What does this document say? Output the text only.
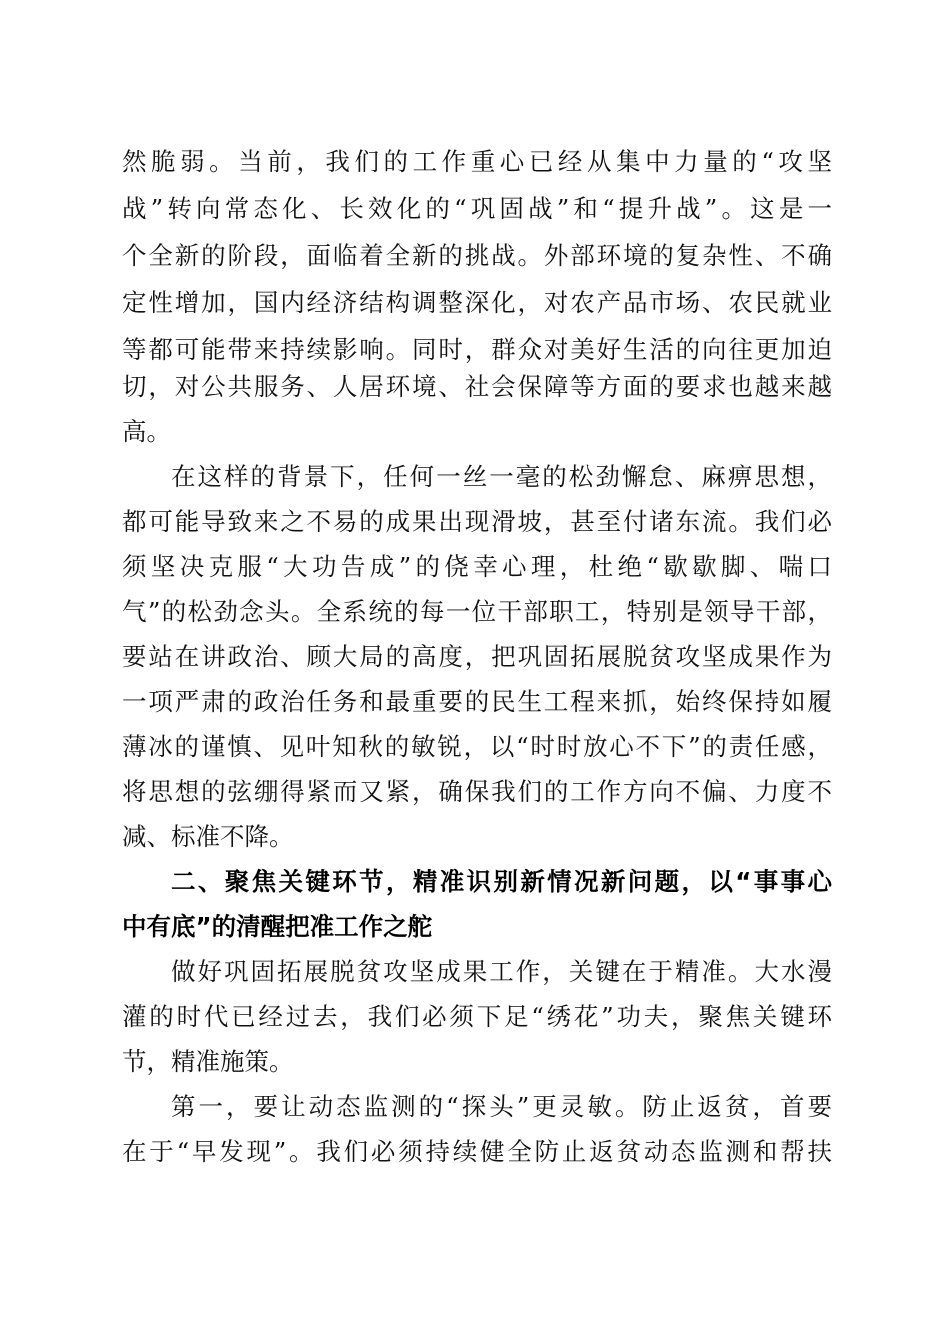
然脆弱。当前，我们的工作重心已经从集中力量的“攻坚
战”转向常态化、长效化的“巩固战”和“提升战”。这是一
个全新的阶段，面临着全新的挑战。外部环境的复杂性、不确
定性增加，国内经济结构调整深化，对农产品市场、农民就业
等都可能带来持续影响。同时，群众对美好生活的向往更加迫
切，对公共服务、人居环境、社会保障等方面的要求也越来越
高。
在这样的背景下，任何一丝一毫的松劲懈怠、麻痹思想，
都可能导致来之不易的成果出现滑坡，甚至付诸东流。我们必
须坚决克服“大功告成”的侥幸心理，杜绝“歇歇脚、喘口
气”的松劲念头。全系统的每一位干部职工，特别是领导干部，
要站在讲政治、顾大局的高度，把巩固拓展脱贫攻坚成果作为
一项严肃的政治任务和最重要的民生工程来抓，始终保持如履
薄冰的谨慎、见叶知秋的敏锐，以“时时放心不下”的责任感，
将思想的弦绷得紧而又紧，确保我们的工作方向不偏、力度不
减、标准不降。
二、聚焦关键环节，精准识别新情况新问题，以“事事心
中有底”的清醒把准工作之舵
做好巩固拓展脱贫攻坚成果工作，关键在于精准。大水漫
灌的时代已经过去，我们必须下足“绣花”功夫，聚焦关键环
节，精准施策。
第一，要让动态监测的“探头”更灵敏。防止返贫，首要
在于“早发现”。我们必须持续健全防止返贫动态监测和帮扶
